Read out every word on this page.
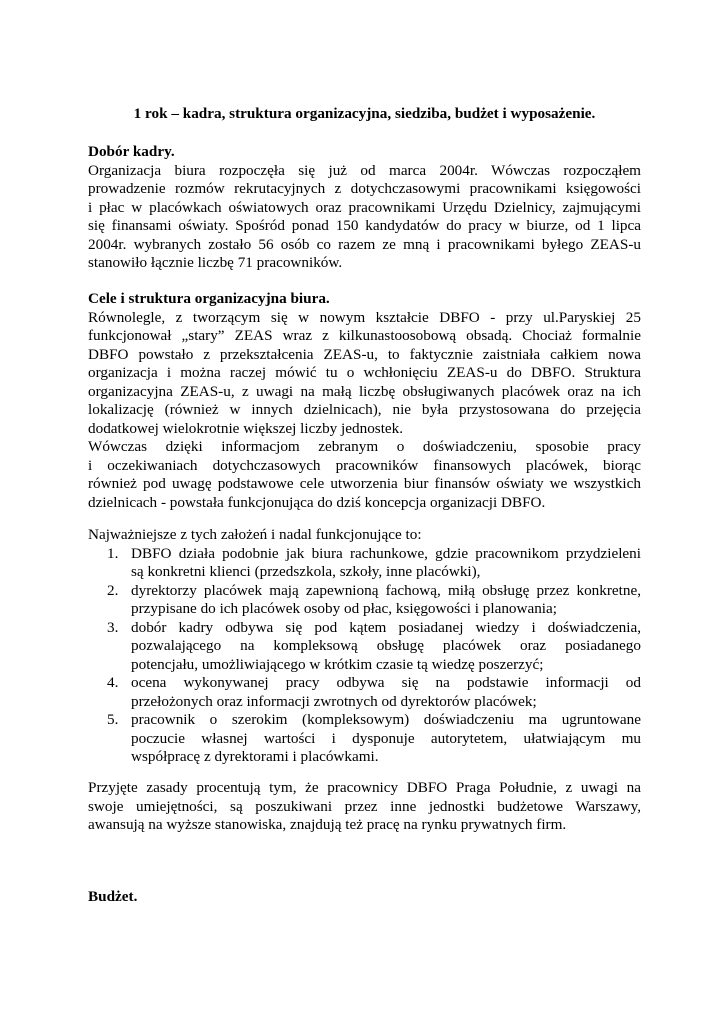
1 rok – kadra, struktura organizacyjna, siedziba, budżet i wyposażenie.
Dobór kadry.
Organizacja biura rozpoczęła się już od marca 2004r. Wówczas rozpocząłem
prowadzenie rozmów rekrutacyjnych z dotychczasowymi pracownikami księgowości
i płac w placówkach oświatowych oraz pracownikami Urzędu Dzielnicy, zajmującymi
się finansami oświaty. Spośród ponad 150 kandydatów do pracy w biurze, od 1 lipca
2004r. wybranych zostało 56 osób co razem ze mną i pracownikami byłego ZEAS-u
stanowiło łącznie liczbę 71 pracowników.
Cele i struktura organizacyjna biura.
Równolegle, z tworzącym się w nowym kształcie DBFO - przy ul.Paryskiej 25
funkcjonował „stary” ZEAS wraz z kilkunastoosobową obsadą. Chociaż formalnie
DBFO powstało z przekształcenia ZEAS-u, to faktycznie zaistniała całkiem nowa
organizacja i można raczej mówić tu o wchłonięciu ZEAS-u do DBFO. Struktura
organizacyjna ZEAS-u, z uwagi na małą liczbę obsługiwanych placówek oraz na ich
lokalizację (również w innych dzielnicach), nie była przystosowana do przejęcia
dodatkowej wielokrotnie większej liczby jednostek.
Wówczas dzięki informacjom zebranym o doświadczeniu, sposobie pracy
i oczekiwaniach dotychczasowych pracowników finansowych placówek, biorąc
również pod uwagę podstawowe cele utworzenia biur finansów oświaty we wszystkich
dzielnicach - powstała funkcjonująca do dziś koncepcja organizacji DBFO.
Najważniejsze z tych założeń i nadal funkcjonujące to:
1. DBFO działa podobnie jak biura rachunkowe, gdzie pracownikom przydzieleni
są konkretni klienci (przedszkola, szkoły, inne placówki),
2. dyrektorzy placówek mają zapewnioną fachową, miłą obsługę przez konkretne,
przypisane do ich placówek osoby od płac, księgowości i planowania;
3. dobór kadry odbywa się pod kątem posiadanej wiedzy i doświadczenia,
pozwalającego na kompleksową obsługę placówek oraz posiadanego
potencjału, umożliwiającego w krótkim czasie tą wiedzę poszerzyć;
4. ocena wykonywanej pracy odbywa się na podstawie informacji od
przełożonych oraz informacji zwrotnych od dyrektorów placówek;
5. pracownik o szerokim (kompleksowym) doświadczeniu ma ugruntowane
poczucie własnej wartości i dysponuje autorytetem, ułatwiającym mu
współpracę z dyrektorami i placówkami.
Przyjęte zasady procentują tym, że pracownicy DBFO Praga Południe, z uwagi na
swoje umiejętności, są poszukiwani przez inne jednostki budżetowe Warszawy,
awansują na wyższe stanowiska, znajdują też pracę na rynku prywatnych firm.
Budżet.
